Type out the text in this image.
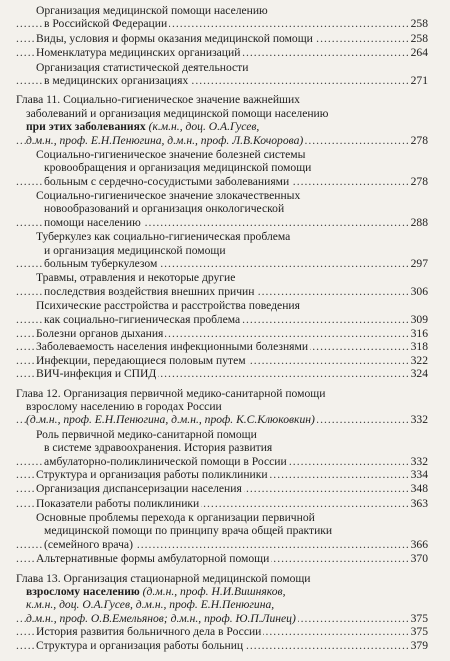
Организация медицинской помощи населению
.....
в Российской Федерации	258
.....
Виды, условия и формы оказания медицинской помощи	258
.....
Номенклатура медицинских организаций	264
Организация статистической деятельности
.....
в медицинских организациях	271
Глава 11. Социально-гигиеническое значение важнейших
заболеваний и организация медицинской помощи населению
при этих заболеваниях (к.м.н., доц. О.А.Гусев,
.....
д.м.н., проф. Е.Н.Пенюгина, д.м.н., проф. Л.В.Кочорова)	278
Социально-гигиеническое значение болезней системы
кровообращения и организация медицинской помощи
.....
больным с сердечно-сосудистыми заболеваниями	278
Социально-гигиеническое значение злокачественных
новообразований и организация онкологической
.....
помощи населению	288
Туберкулез как социально-гигиеническая проблема
и организация медицинской помощи
.....
больным туберкулезом	297
Травмы, отравления и некоторые другие
.....
последствия воздействия внешних причин	306
Психические расстройства и расстройства поведения
.....
как социально-гигиеническая проблема	309
.....
Болезни органов дыхания	316
.....
Заболеваемость населения инфекционными болезнями	318
.....
Инфекции, передающиеся половым путем	322
.....
ВИЧ-инфекция и СПИД	324
Глава 12. Организация первичной медико-санитарной помощи
взрослому населению в городах России
.....
(д.м.н., проф. Е.Н.Пенюгина, д.м.н., проф. К.С.Клюковкин)	332
Роль первичной медико-санитарной помощи
в системе здравоохранения. История развития
.....
амбулаторно-поликлинической помощи в России	332
.....
Структура и организация работы поликлиники	334
.....
Организация диспансеризации населения	348
.....
Показатели работы поликлиники	363
Основные проблемы перехода к организации первичной
медицинской помощи по принципу врача общей практики
.....
(семейного врача)	366
.....
Альтернативные формы амбулаторной помощи	370
Глава 13. Организация стационарной медицинской помощи
взрослому населению (д.м.н., проф. Н.И.Вишняков,
к.м.н., доц. О.А.Гусев, д.м.н., проф. Е.Н.Пенюгина,
.....
д.м.н., проф. О.В.Емельянов; д.м.н., проф. Ю.П.Линец)	375
.....
История развития больничного дела в России	375
.....
Структура и организация работы больниц	379
